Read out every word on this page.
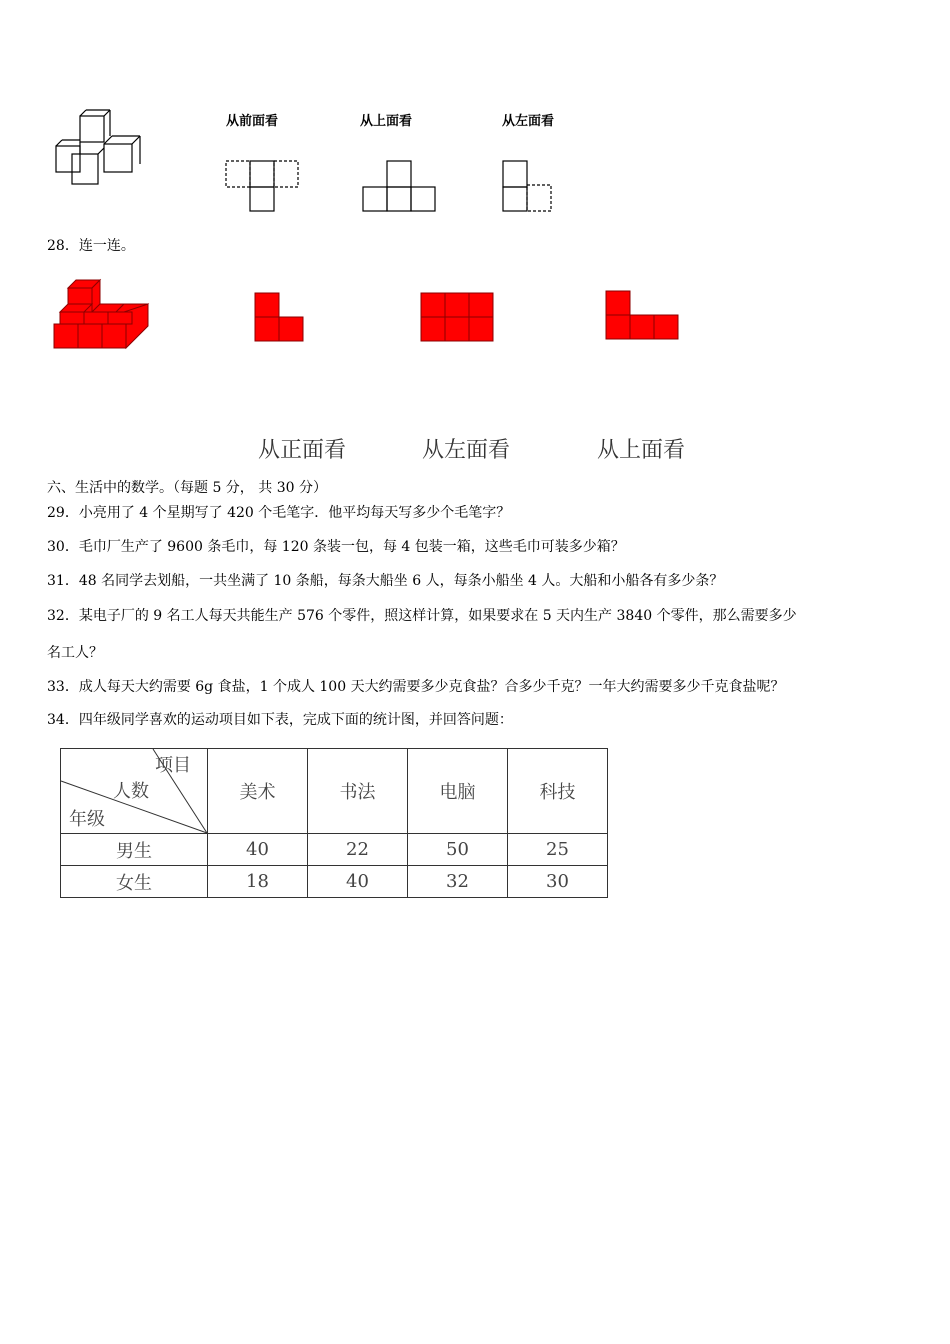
从前面看	从上面看	从左面看
28．连一连。
从正面看	从左面看	从上面看
六、生活中的数学。（每题 5 分， 共 30 分）
29．小亮用了 4 个星期写了 420 个毛笔字．他平均每天写多少个毛笔字？
30．毛巾厂生产了 9600 条毛巾，每 120 条装一包，每 4 包装一箱，这些毛巾可装多少箱？
31．48 名同学去划船，一共坐满了 10 条船，每条大船坐 6 人，每条小船坐 4 人。大船和小船各有多少条？
32．某电子厂的 9 名工人每天共能生产 576 个零件，照这样计算，如果要求在 5 天内生产 3840 个零件，那么需要多少
名工人？
33．成人每天大约需要 6g 食盐，1 个成人 100 天大约需要多少克食盐？合多少千克？一年大约需要多少千克食盐呢？
34．四年级同学喜欢的运动项目如下表，完成下面的统计图，并回答问题：
项目
人数
年级	美术	书法	电脑	科技
男生	40	22	50	25
女生	18	40	32	30
